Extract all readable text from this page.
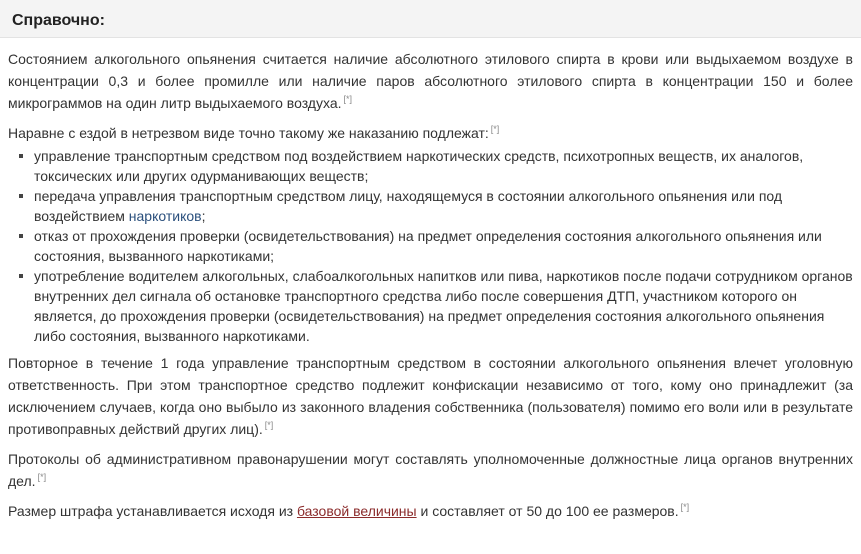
Справочно:

Состоянием алкогольного опьянения считается наличие абсолютного этилового спирта в крови или выдыхаемом воздухе в концентрации 0,3 и более промилле или наличие паров абсолютного этилового спирта в концентрации 150 и более микрограммов на один литр выдыхаемого воздуха. [*]

Наравне с ездой в нетрезвом виде точно такому же наказанию подлежат: [*]

управление транспортным средством под воздействием наркотических средств, психотропных веществ, их аналогов, токсических или других одурманивающих веществ;
передача управления транспортным средством лицу, находящемуся в состоянии алкогольного опьянения или под воздействием наркотиков;
отказ от прохождения проверки (освидетельствования) на предмет определения состояния алкогольного опьянения или состояния, вызванного наркотиками;
употребление водителем алкогольных, слабоалкогольных напитков или пива, наркотиков после подачи сотрудником органов внутренних дел сигнала об остановке транспортного средства либо после совершения ДТП, участником которого он является, до прохождения проверки (освидетельствования) на предмет определения состояния алкогольного опьянения либо состояния, вызванного наркотиками.

Повторное в течение 1 года управление транспортным средством в состоянии алкогольного опьянения влечет уголовную ответственность. При этом транспортное средство подлежит конфискации независимо от того, кому оно принадлежит (за исключением случаев, когда оно выбыло из законного владения собственника (пользователя) помимо его воли или в результате противоправных действий других лиц). [*]

Протоколы об административном правонарушении могут составлять уполномоченные должностные лица органов внутренних дел. [*]

Размер штрафа устанавливается исходя из базовой величины и составляет от 50 до 100 ее размеров. [*]
